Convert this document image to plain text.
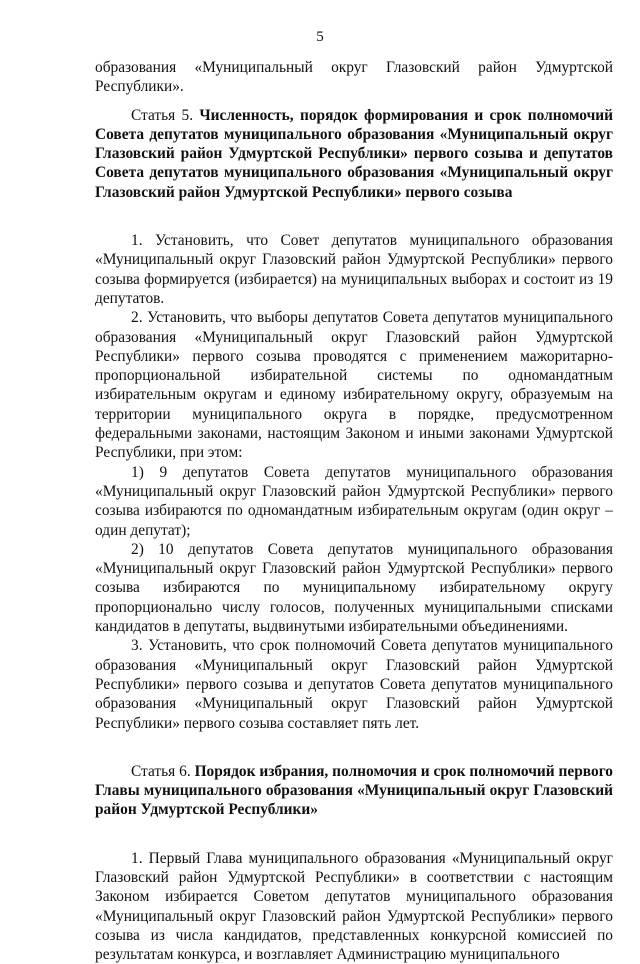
5

образования «Муниципальный округ Глазовский район Удмуртской Республики».

Статья 5. Численность, порядок формирования и срок полномочий Совета депутатов муниципального образования «Муниципальный округ Глазовский район Удмуртской Республики» первого созыва и депутатов Совета депутатов муниципального образования «Муниципальный округ Глазовский район Удмуртской Республики» первого созыва

1. Установить, что Совет депутатов муниципального образования «Муниципальный округ Глазовский район Удмуртской Республики» первого созыва формируется (избирается) на муниципальных выборах и состоит из 19 депутатов.

2. Установить, что выборы депутатов Совета депутатов муниципального образования «Муниципальный округ Глазовский район Удмуртской Республики» первого созыва проводятся с применением мажоритарно-пропорциональной избирательной системы по одномандатным избирательным округам и единому избирательному округу, образуемым на территории муниципального округа в порядке, предусмотренном федеральными законами, настоящим Законом и иными законами Удмуртской Республики, при этом:

1) 9 депутатов Совета депутатов муниципального образования «Муниципальный округ Глазовский район Удмуртской Республики» первого созыва избираются по одномандатным избирательным округам (один округ – один депутат);

2) 10 депутатов Совета депутатов муниципального образования «Муниципальный округ Глазовский район Удмуртской Республики» первого созыва избираются по муниципальному избирательному округу пропорционально числу голосов, полученных муниципальными списками кандидатов в депутаты, выдвинутыми избирательными объединениями.

3. Установить, что срок полномочий Совета депутатов муниципального образования «Муниципальный округ Глазовский район Удмуртской Республики» первого созыва и депутатов Совета депутатов муниципального образования «Муниципальный округ Глазовский район Удмуртской Республики» первого созыва составляет пять лет.

Статья 6. Порядок избрания, полномочия и срок полномочий первого Главы муниципального образования «Муниципальный округ Глазовский район Удмуртской Республики»

1. Первый Глава муниципального образования «Муниципальный округ Глазовский район Удмуртской Республики» в соответствии с настоящим Законом избирается Советом депутатов муниципального образования «Муниципальный округ Глазовский район Удмуртской Республики» первого созыва из числа кандидатов, представленных конкурсной комиссией по результатам конкурса, и возглавляет Администрацию муниципального
